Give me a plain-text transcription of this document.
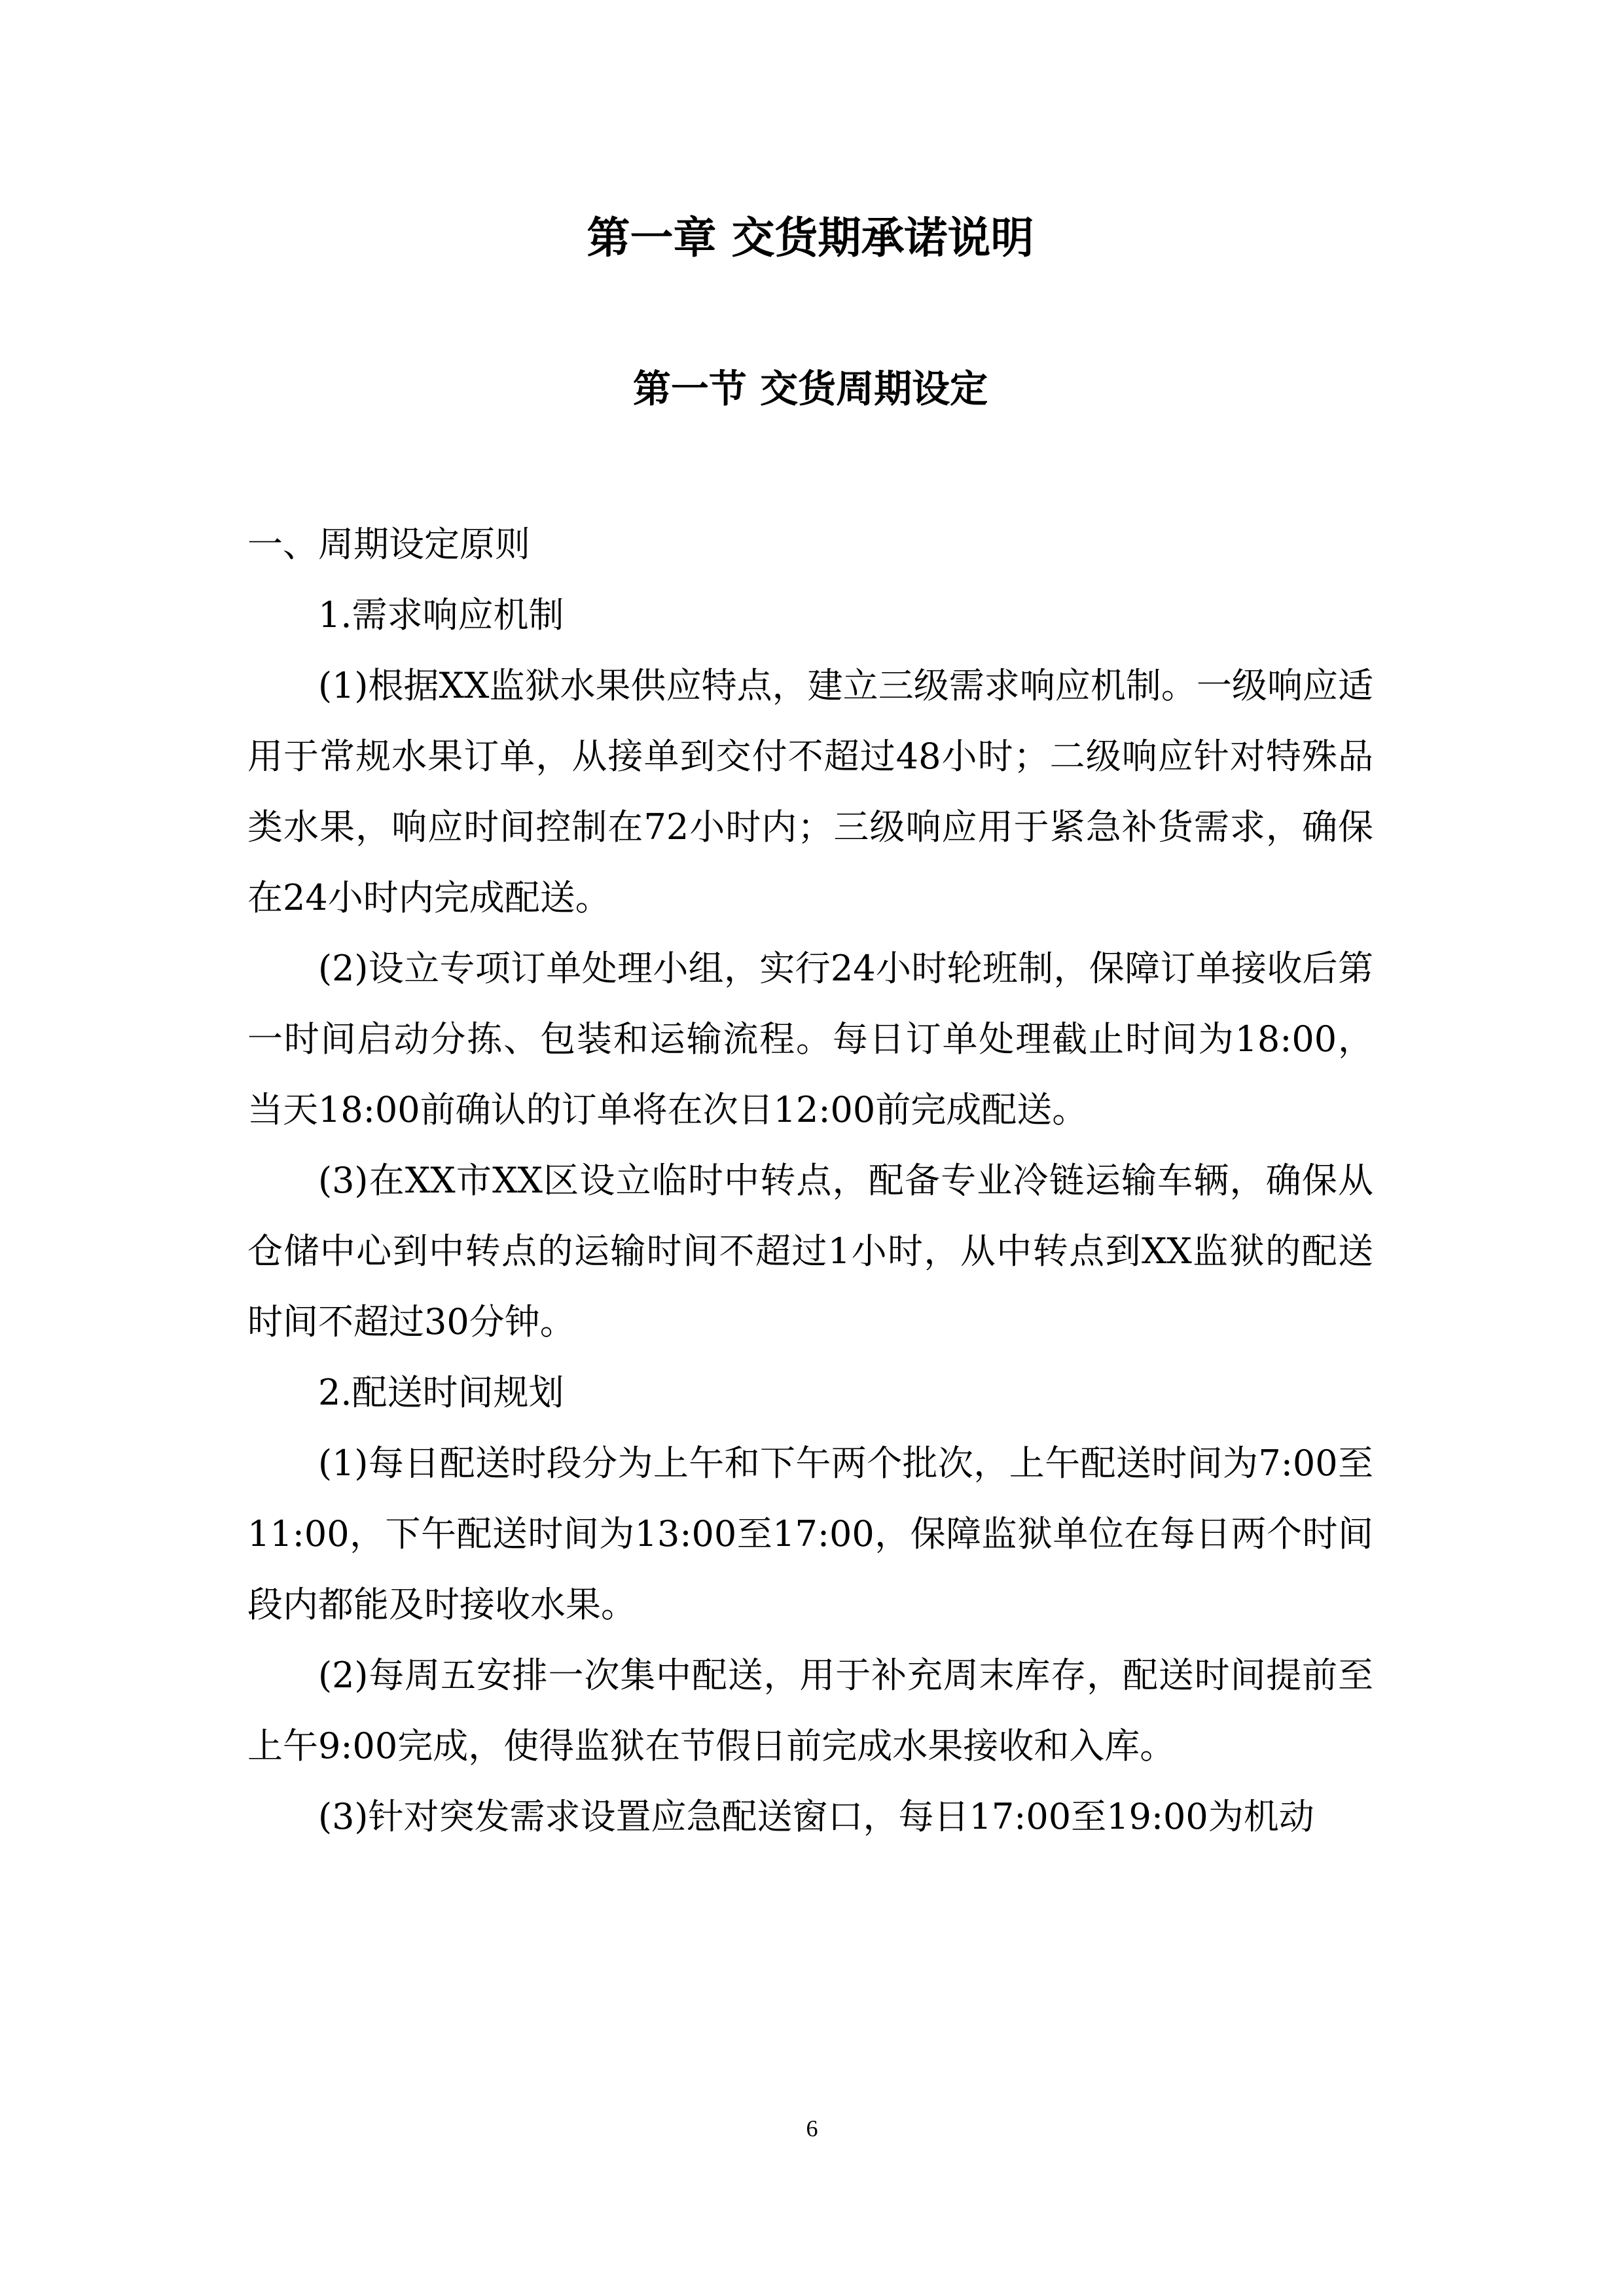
第一章 交货期承诺说明
第一节 交货周期设定

一、周期设定原则

1.需求响应机制

(1)根据XX监狱水果供应特点，建立三级需求响应机制。一级响应适用于常规水果订单，从接单到交付不超过48小时；二级响应针对特殊品类水果，响应时间控制在72小时内；三级响应用于紧急补货需求，确保在24小时内完成配送。

(2)设立专项订单处理小组，实行24小时轮班制，保障订单接收后第一时间启动分拣、包装和运输流程。每日订单处理截止时间为18:00，当天18:00前确认的订单将在次日12:00前完成配送。

(3)在XX市XX区设立临时中转点，配备专业冷链运输车辆，确保从仓储中心到中转点的运输时间不超过1小时，从中转点到XX监狱的配送时间不超过30分钟。

2.配送时间规划

(1)每日配送时段分为上午和下午两个批次，上午配送时间为7:00至11:00，下午配送时间为13:00至17:00，保障监狱单位在每日两个时间段内都能及时接收水果。

(2)每周五安排一次集中配送，用于补充周末库存，配送时间提前至上午9:00完成，使得监狱在节假日前完成水果接收和入库。

(3)针对突发需求设置应急配送窗口，每日17:00至19:00为机动

6
